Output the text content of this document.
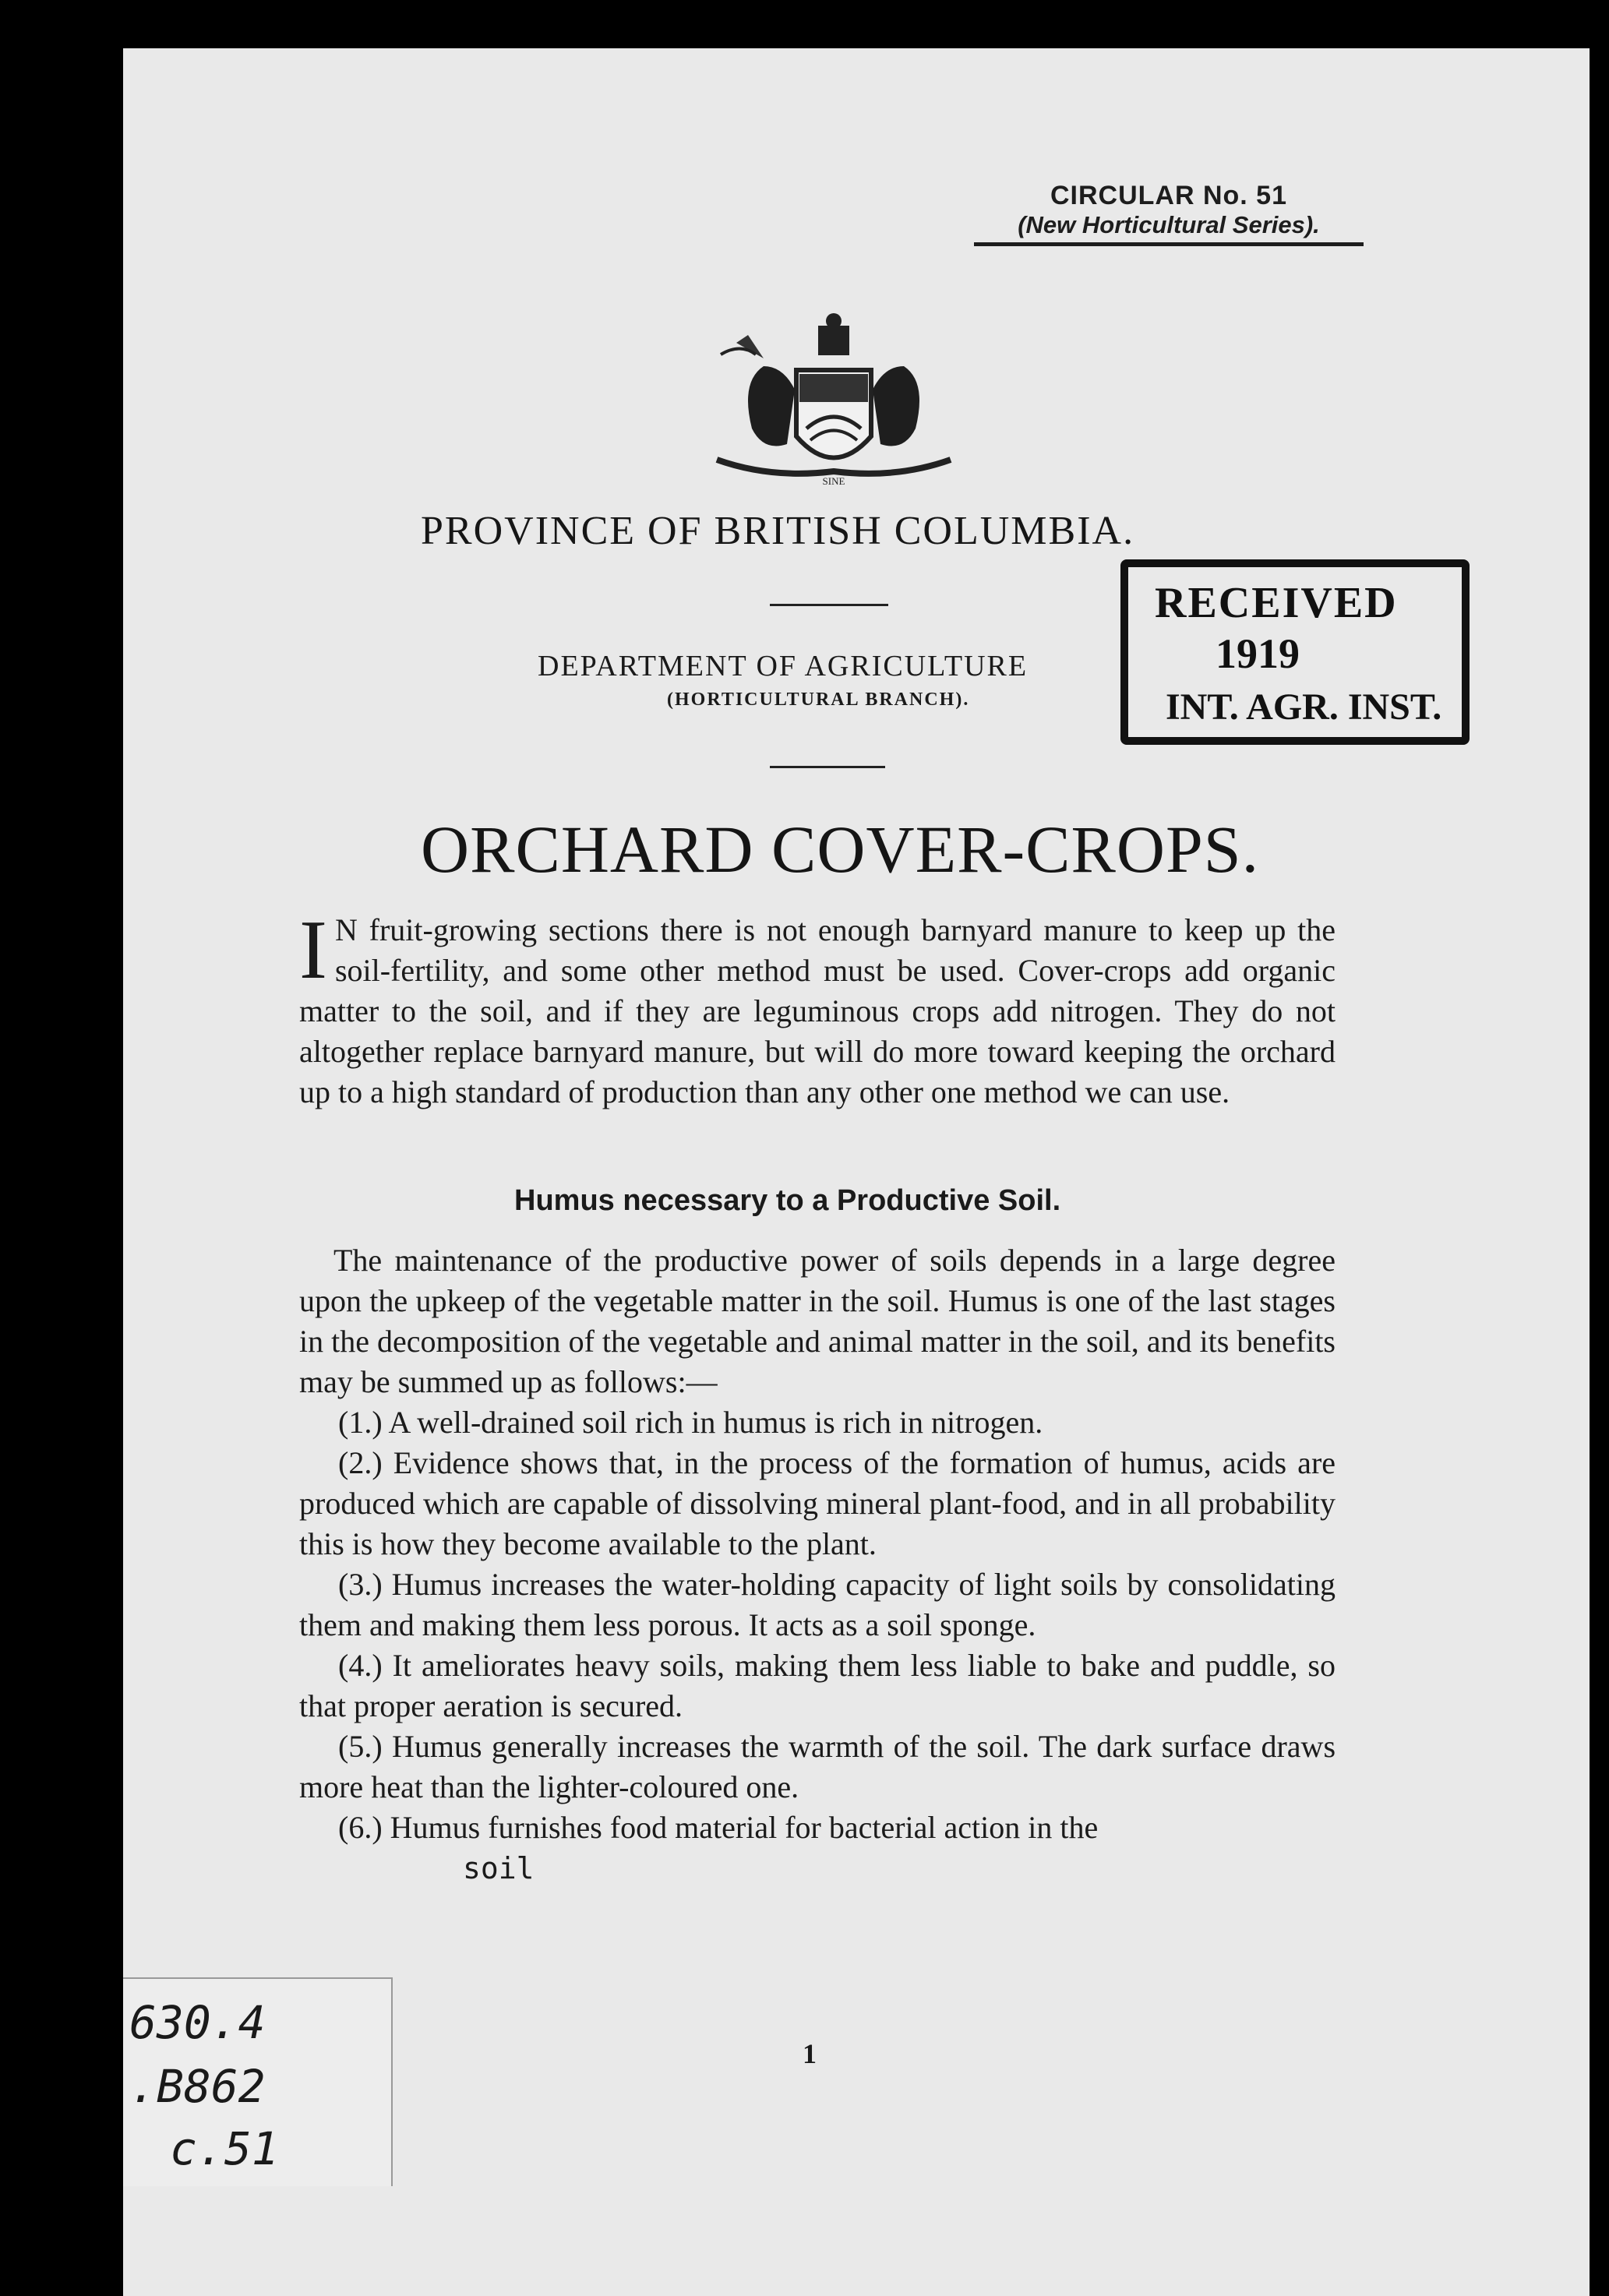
CIRCULAR No. 51
(New Horticultural Series).
SINE
PROVINCE OF BRITISH COLUMBIA.
RECEIVED
1919
INT. AGR. INST.
DEPARTMENT OF AGRICULTURE
(HORTICULTURAL BRANCH).
ORCHARD COVER-CROPS.
I N fruit-growing sections there is not enough barnyard manure to keep up the soil-fertility, and some other method must be used. Cover-crops add organic matter to the soil, and if they are leguminous crops add nitrogen. They do not altogether replace barnyard manure, but will do more toward keeping the orchard up to a high standard of production than any other one method we can use.
Humus necessary to a Productive Soil.

The maintenance of the productive power of soils depends in a large degree upon the upkeep of the vegetable matter in the soil. Humus is one of the last stages in the decomposition of the vegetable and animal matter in the soil, and its benefits may be summed up as follows:—

(1.) A well-drained soil rich in humus is rich in nitrogen.

(2.) Evidence shows that, in the process of the formation of humus, acids are produced which are capable of dissolving mineral plant-food, and in all probability this is how they become available to the plant.

(3.) Humus increases the water-holding capacity of light soils by consolidating them and making them less porous. It acts as a soil sponge.

(4.) It ameliorates heavy soils, making them less liable to bake and puddle, so that proper aeration is secured.

(5.) Humus generally increases the warmth of the soil. The dark surface draws more heat than the lighter-coloured one.

(6.) Humus furnishes food material for bacterial action in the
soil

1
630.4
.B862
c.51
